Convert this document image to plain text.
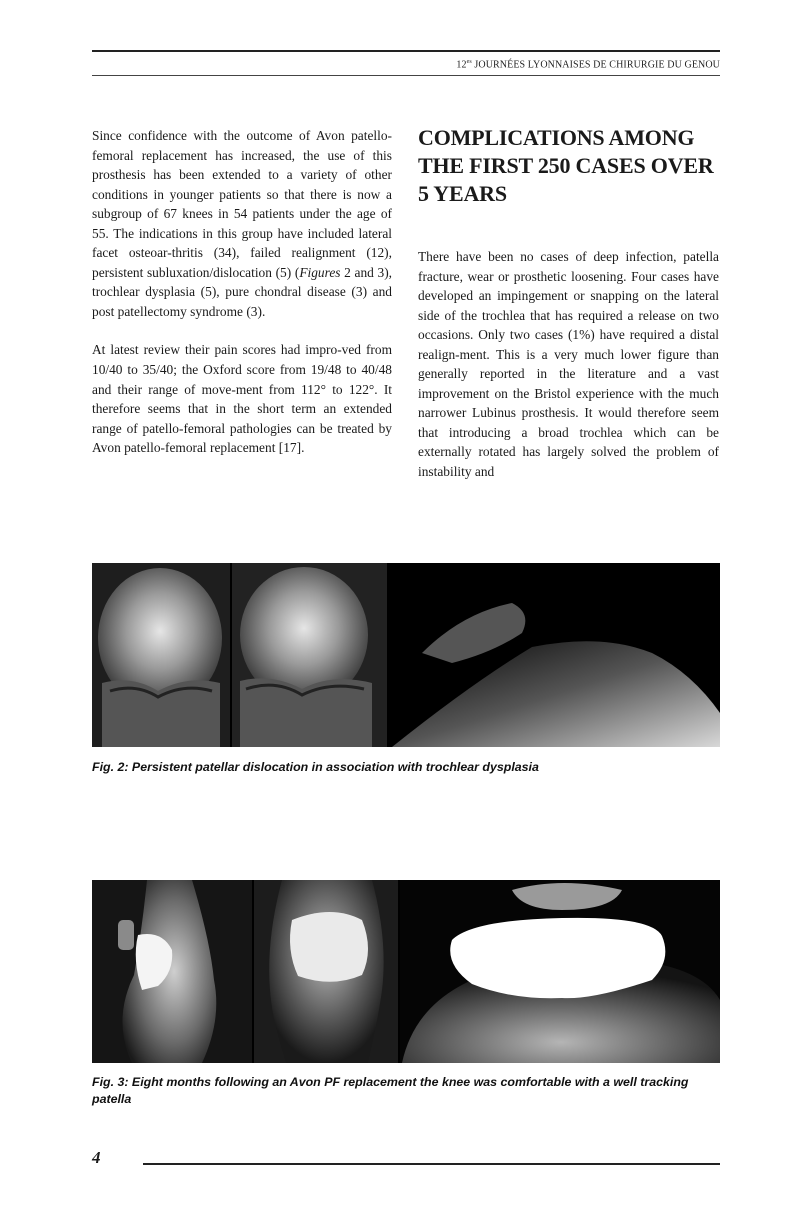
$12^{es}$ JOURNÉES LYONNAISES DE CHIRURGIE DU GENOU

Since confidence with the outcome of Avon patello-femoral replacement has increased, the use of this prosthesis has been extended to a variety of other conditions in younger patients so that there is now a subgroup of 67 knees in 54 patients under the age of 55. The indications in this group have included lateral facet osteoar-thritis (34), failed realignment (12), persistent subluxation/dislocation (5) (Figures 2 and 3), trochlear dysplasia (5), pure chondral disease (3) and post patellectomy syndrome (3).

At latest review their pain scores had impro-ved from 10/40 to 35/40; the Oxford score from 19/48 to 40/48 and their range of move-ment from 112° to 122°. It therefore seems that in the short term an extended range of patello-femoral pathologies can be treated by Avon patello-femoral replacement [17].

COMPLICATIONS AMONG THE FIRST 250 CASES OVER 5 YEARS

There have been no cases of deep infection, patella fracture, wear or prosthetic loosening. Four cases have developed an impingement or snapping on the lateral side of the trochlea that has required a release on two occasions. Only two cases (1%) have required a distal realign-ment. This is a very much lower figure than generally reported in the literature and a vast improvement on the Bristol experience with the much narrower Lubinus prosthesis. It would therefore seem that introducing a broad trochlea which can be externally rotated has largely solved the problem of instability and

Fig. 2: Persistent patellar dislocation in association with trochlear dysplasia

Fig. 3: Eight months following an Avon PF replacement the knee was comfortable with a well tracking patella

4
